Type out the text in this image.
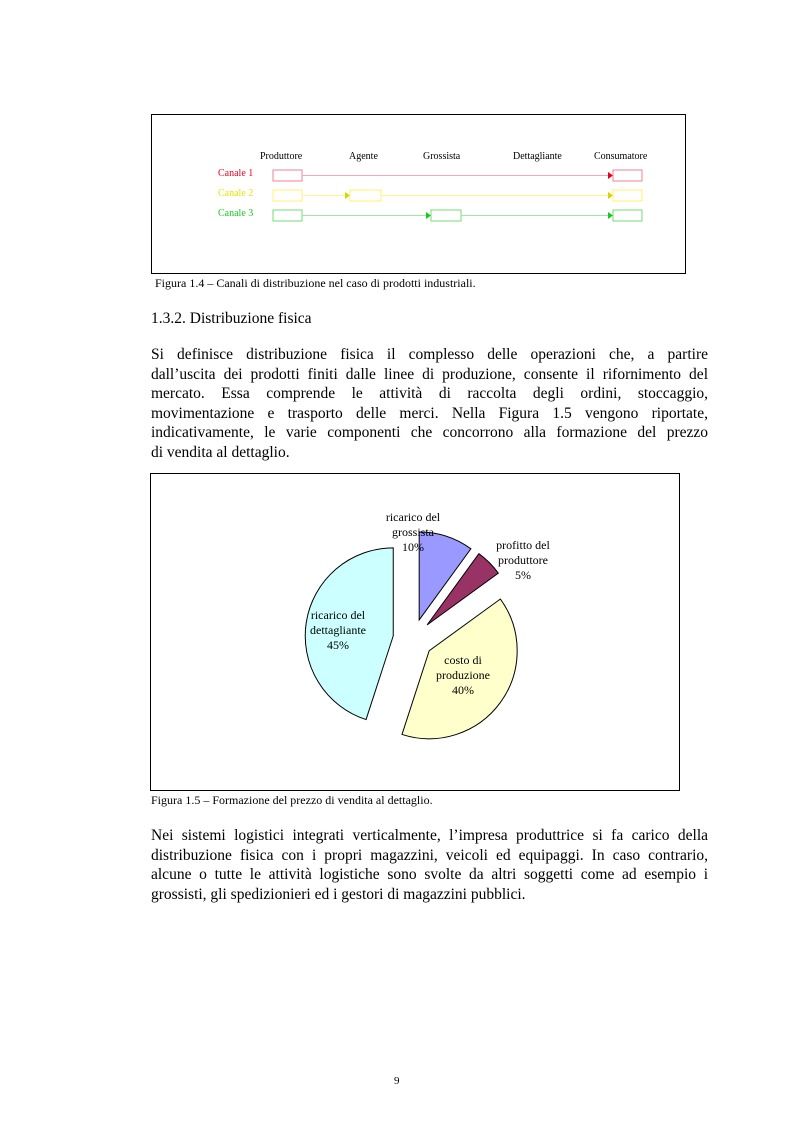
Produttore	Agente	Grossista	Dettagliante	Consumatore
Canale 1
Canale 2
Canale 3
Figura 1.4 – Canali di distribuzione nel caso di prodotti industriali.
1.3.2. Distribuzione fisica
Si definisce distribuzione fisica il complesso delle operazioni che, a partire
dall’uscita dei prodotti finiti dalle linee di produzione, consente il rifornimento del
mercato. Essa comprende le attività di raccolta degli ordini, stoccaggio,
movimentazione e trasporto delle merci. Nella Figura 1.5 vengono riportate,
indicativamente, le varie componenti che concorrono alla formazione del prezzo
di vendita al dettaglio.
ricarico del grossista 10%	profitto del produttore 5%
costo di produzione 40%
ricarico del dettagliante 45%
Figura 1.5 – Formazione del prezzo di vendita al dettaglio.
Nei sistemi logistici integrati verticalmente, l’impresa produttrice si fa carico della
distribuzione fisica con i propri magazzini, veicoli ed equipaggi. In caso contrario,
alcune o tutte le attività logistiche sono svolte da altri soggetti come ad esempio i
grossisti, gli spedizionieri ed i gestori di magazzini pubblici.
9
